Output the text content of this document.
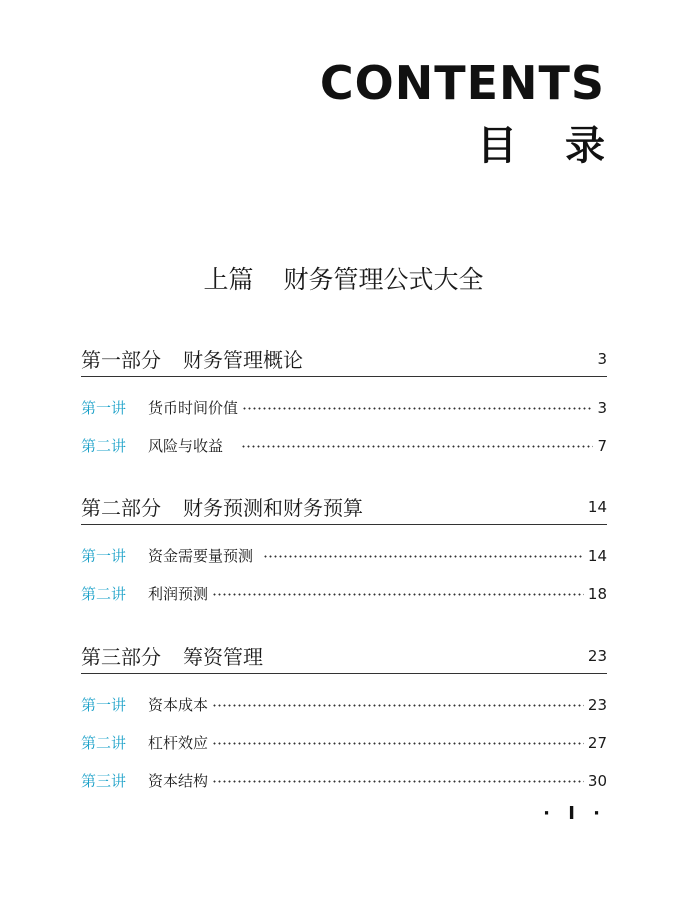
CONTENTS
目录
上篇 财务管理公式大全
第一部分 财务管理概论	3
第一讲	货币时间价值	3
第二讲	风险与收益	7
第二部分 财务预测和财务预算	14
第一讲	资金需要量预测	14
第二讲	利润预测	18
第三部分 筹资管理	23
第一讲	资本成本	23
第二讲	杠杆效应	27
第三讲	资本结构	30
· I ·
